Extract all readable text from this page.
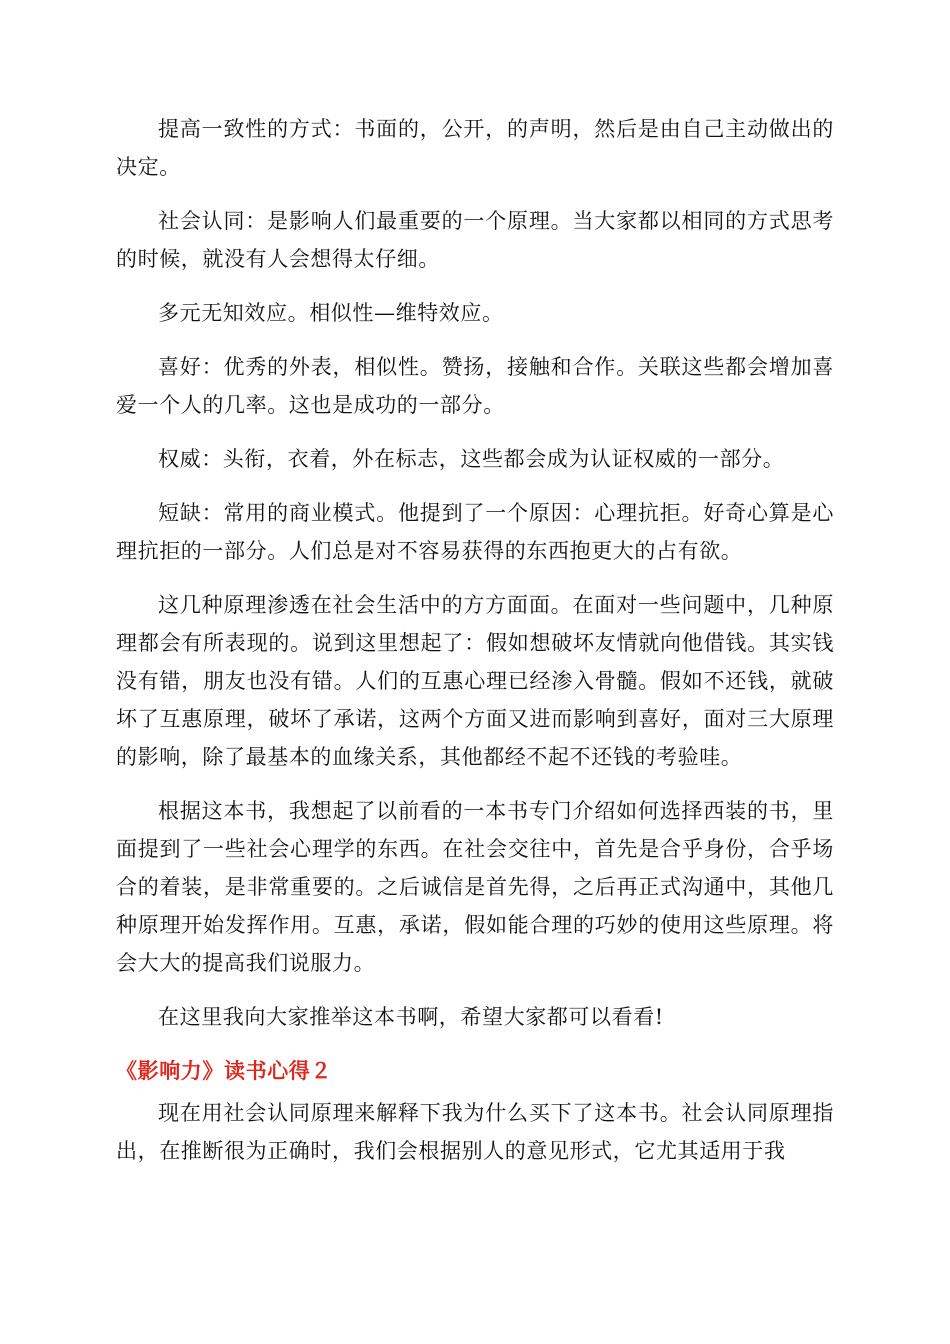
提高一致性的方式：书面的，公开，的声明，然后是由自己主动做出的决定。

社会认同：是影响人们最重要的一个原理。当大家都以相同的方式思考的时候，就没有人会想得太仔细。

多元无知效应。相似性—维特效应。

喜好：优秀的外表，相似性。赞扬，接触和合作。关联这些都会增加喜爱一个人的几率。这也是成功的一部分。

权威：头衔，衣着，外在标志，这些都会成为认证权威的一部分。

短缺：常用的商业模式。他提到了一个原因：心理抗拒。好奇心算是心理抗拒的一部分。人们总是对不容易获得的东西抱更大的占有欲。

这几种原理渗透在社会生活中的方方面面。在面对一些问题中，几种原理都会有所表现的。说到这里想起了：假如想破坏友情就向他借钱。其实钱没有错，朋友也没有错。人们的互惠心理已经渗入骨髓。假如不还钱，就破坏了互惠原理，破坏了承诺，这两个方面又进而影响到喜好，面对三大原理的影响，除了最基本的血缘关系，其他都经不起不还钱的考验哇。

根据这本书，我想起了以前看的一本书专门介绍如何选择西装的书，里面提到了一些社会心理学的东西。在社会交往中，首先是合乎身份，合乎场合的着装，是非常重要的。之后诚信是首先得，之后再正式沟通中，其他几种原理开始发挥作用。互惠，承诺，假如能合理的巧妙的使用这些原理。将会大大的提高我们说服力。

在这里我向大家推举这本书啊，希望大家都可以看看!

《影响力》读书心得２

现在用社会认同原理来解释下我为什么买下了这本书。社会认同原理指出，在推断很为正确时，我们会根据别人的意见形式，它尤其适用于我
